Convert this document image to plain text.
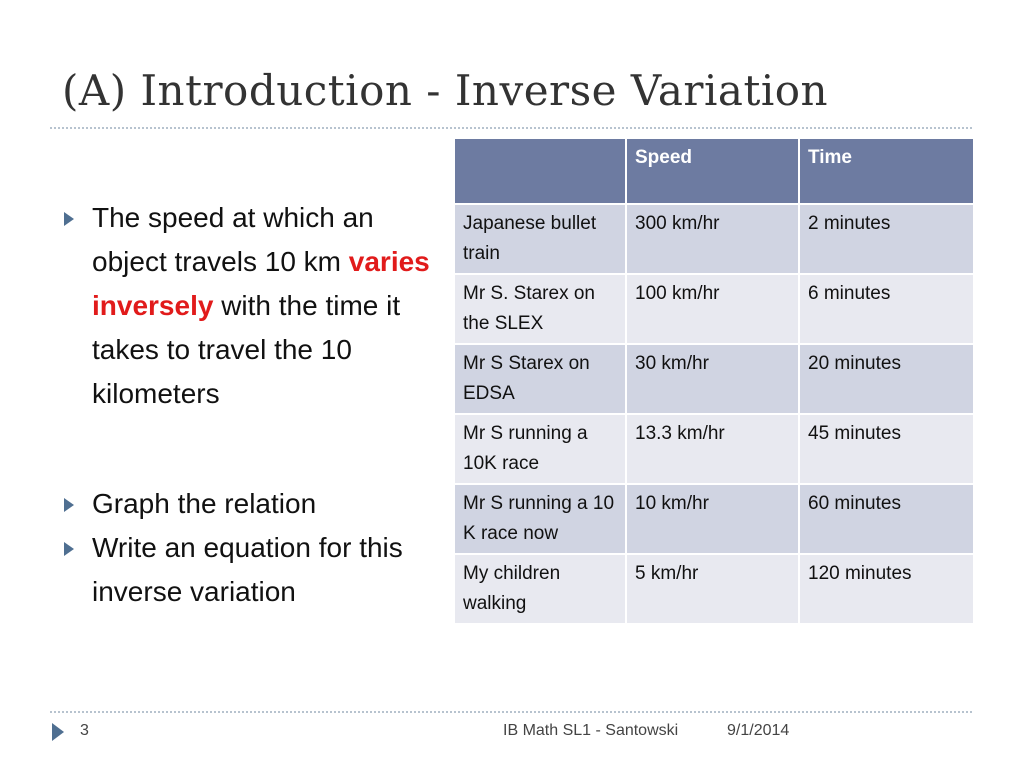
(A) Introduction - Inverse Variation
The speed at which an object travels 10 km varies inversely with the time it takes to travel the 10 kilometers
Graph the relation
Write an equation for this inverse variation
	Speed	Time
Japanese bullet train	300 km/hr	2 minutes
Mr S. Starex on the SLEX	100 km/hr	6 minutes
Mr S Starex on EDSA	30 km/hr	20 minutes
Mr S running a 10K race	13.3 km/hr	45 minutes
Mr S running a 10 K race now	10 km/hr	60 minutes
My children walking	5 km/hr	120 minutes
3	IB Math SL1 - Santowski	9/1/2014
